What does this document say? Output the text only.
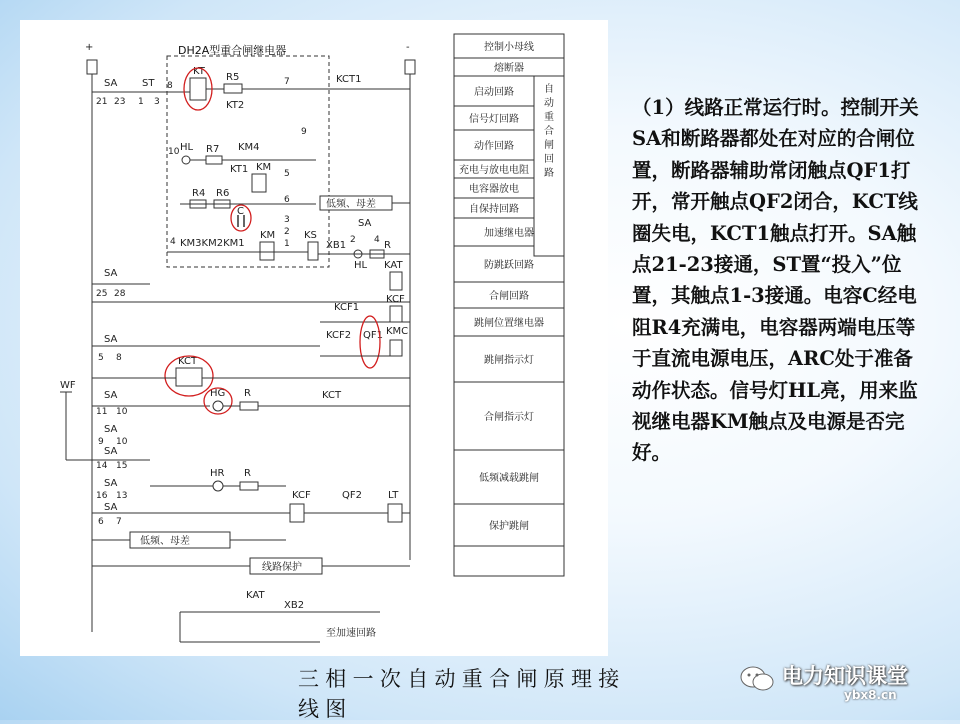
+	-
DH2A型重合闸继电器
SA
21 23
ST
1 3
8
KT
R5
KT2
7	KCT1
9
10 HL R7 KM4
KT1 KM
5
R4 R6
6
C
3
2
低频、母差
SA
2 4
4 KM3KM2KM1
KM
1
KS
XB1
HL
R
KAT
SA
25 28
KCF1
KCF
SA
5 8
KCF2 QF1 KMC
KCT
WF
SA
11 10
HG R	KCT
SA
9 10
SA
14 15
HR R
SA
16 13	KCF	QF2	LT
SA
6 7
低频、母差
线路保护
KAT
XB2
至加速回路
控制小母线
熔断器
启动回路
信号灯回路
动作回路
充电与放电电阻
电容器放电
自保持回路
加速继电器
防跳跃回路
合闸回路
跳闸位置继电器
跳闸指示灯
合闸指示灯
低频减载跳闸
保护跳闸
自动重合闸回路

（1）线路正常运行时。控制开关SA和断路器都处在对应的合闸位置，断路器辅助常闭触点QF1打开，常开触点QF2闭合，KCT线圈失电，KCT1触点打开。SA触点21-23接通，ST置“投入”位置，其触点1-3接通。电容C经电阻R4充满电，电容器两端电压等于直流电源电压，ARC处于准备动作状态。信号灯HL亮，用来监视继电器KM触点及电源是否完好。

三相一次自动重合闸原理接线图
电力知识课堂
ybx8.cn
